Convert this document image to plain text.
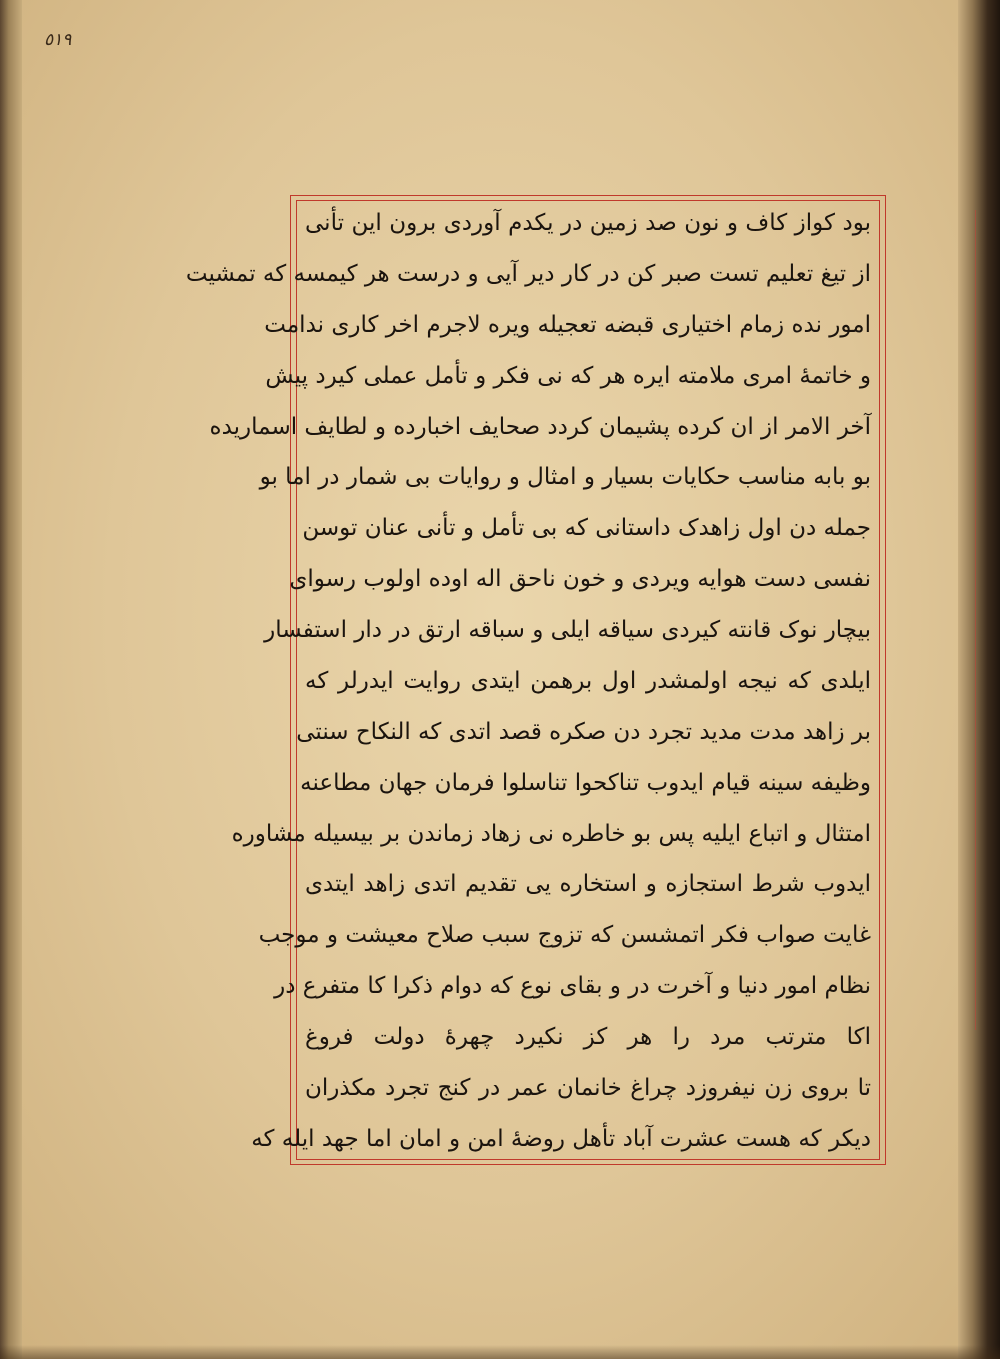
٥١٩
بود کواز کاف و نون صد زمین در یکدم آوردی برون این تأنی
از تیغ تعلیم تست صبر کن در کار دیر آیی و درست هر کیمسه که تمشیت
امور نده زمام اختیاری قبضه تعجیله ویره لاجرم اخر کاری ندامت
و خاتمهٔ امری ملامته ایره هر که نی فکر و تأمل عملی کیرد پیش
آخر الامر از ان کرده پشیمان کردد صحایف اخبارده و لطایف اسماریده
بو بابه مناسب حکایات بسیار و امثال و روایات بی شمار در اما بو
جمله دن اول زاهدک داستانی که بی تأمل و تأنی عنان توسن
نفسی دست هوایه ویردی و خون ناحق اله اوده اولوب رسوای
بیچار نوک قانته کیردی سیاقه ایلی و سباقه ارتق در دار استفسار
ایلدی که نیجه اولمشدر اول برهمن ایتدی روایت ایدرلر که
بر زاهد مدت مدید تجرد دن صکره قصد اتدی که النکاح سنتی
وظیفه سینه قیام ایدوب تناکحوا تناسلوا فرمان جهان مطاعنه
امتثال و اتباع ایلیه پس بو خاطره نی زهاد زماندن بر بیسیله مشاوره
ایدوب شرط استجازه و استخاره یی تقدیم اتدی زاهد ایتدی
غایت صواب فکر اتمشسن که تزوج سبب صلاح معیشت و موجب
نظام امور دنیا و آخرت در و بقای نوع که دوام ذکرا کا متفرع در
اکا مترتب مرد را هر کز نکیرد چهرهٔ دولت فروغ
تا بروی زن نیفروزد چراغ خانمان عمر در کنج تجرد مکذران
دیکر که هست عشرت آباد تأهل روضهٔ امن و امان اما جهد ایله که
